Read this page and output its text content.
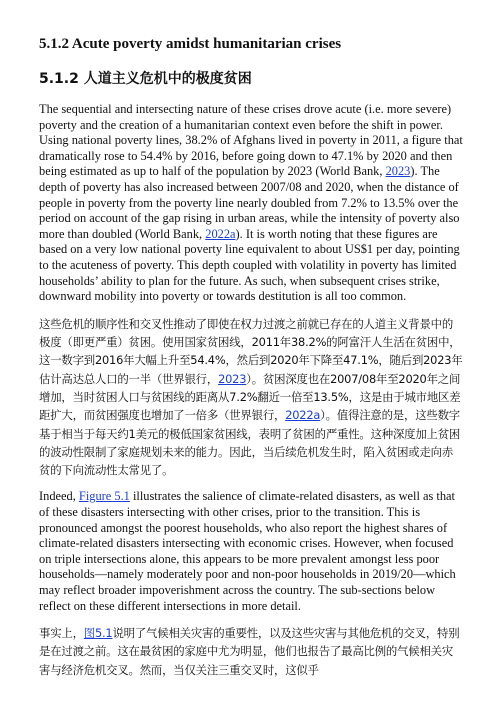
5.1.2 Acute poverty amidst humanitarian crises
5.1.2 人道主义危机中的极度贫困

The sequential and intersecting nature of these crises drove acute (i.e. more severe) poverty and the creation of a humanitarian context even before the shift in power. Using national poverty lines, 38.2% of Afghans lived in poverty in 2011, a figure that dramatically rose to 54.4% by 2016, before going down to 47.1% by 2020 and then being estimated as up to half of the population by 2023 (World Bank, 2023). The depth of poverty has also increased between 2007/08 and 2020, when the distance of people in poverty from the poverty line nearly doubled from 7.2% to 13.5% over the period on account of the gap rising in urban areas, while the intensity of poverty also more than doubled (World Bank, 2022a). It is worth noting that these figures are based on a very low national poverty line equivalent to about US$1 per day, pointing to the acuteness of poverty. This depth coupled with volatility in poverty has limited households’ ability to plan for the future. As such, when subsequent crises strike, downward mobility into poverty or towards destitution is all too common.

这些危机的顺序性和交叉性推动了即使在权力过渡之前就已存在的人道主义背景中的极度（即更严重）贫困。使用国家贫困线，2011年38.2%的阿富汗人生活在贫困中，这一数字到2016年大幅上升至54.4%，然后到2020年下降至47.1%，随后到2023年估计高达总人口的一半（世界银行，2023）。贫困深度也在2007/08年至2020年之间增加，当时贫困人口与贫困线的距离从7.2%翻近一倍至13.5%，这是由于城市地区差距扩大，而贫困强度也增加了一倍多（世界银行，2022a）。值得注意的是，这些数字基于相当于每天约1美元的极低国家贫困线，表明了贫困的严重性。这种深度加上贫困的波动性限制了家庭规划未来的能力。因此，当后续危机发生时，陷入贫困或走向赤贫的下向流动性太常见了。

Indeed, Figure 5.1 illustrates the salience of climate-related disasters, as well as that of these disasters intersecting with other crises, prior to the transition. This is pronounced amongst the poorest households, who also report the highest shares of climate-related disasters intersecting with economic crises. However, when focused on triple intersections alone, this appears to be more prevalent amongst less poor households—namely moderately poor and non-poor households in 2019/20—which may reflect broader impoverishment across the country. The sub-sections below reflect on these different intersections in more detail.

事实上，图5.1说明了气候相关灾害的重要性，以及这些灾害与其他危机的交叉，特别是在过渡之前。这在最贫困的家庭中尤为明显，他们也报告了最高比例的气候相关灾害与经济危机交叉。然而，当仅关注三重交叉时，这似乎
